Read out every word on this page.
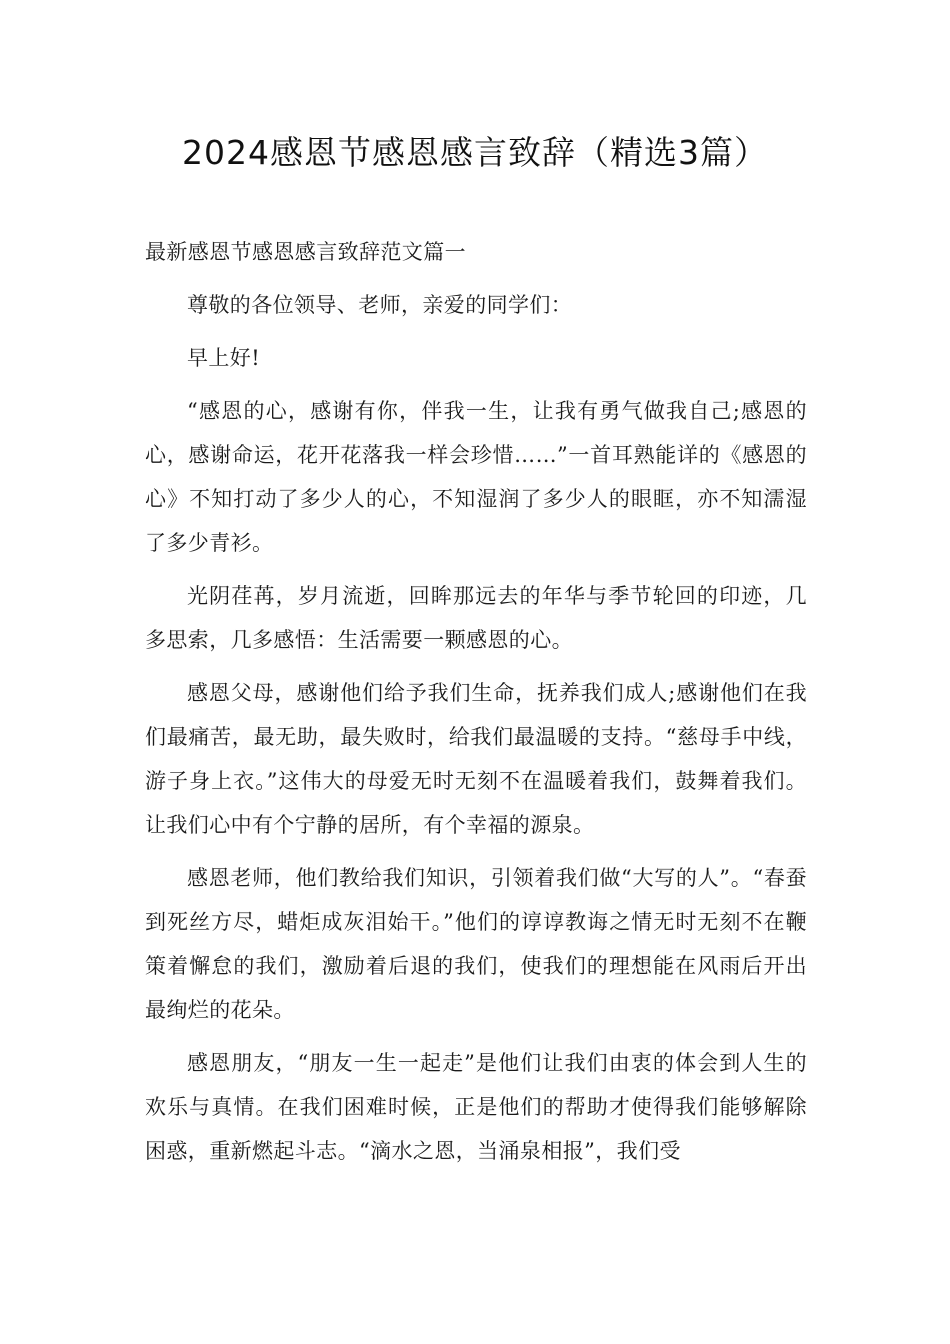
2024感恩节感恩感言致辞（精选3篇）

最新感恩节感恩感言致辞范文篇一

尊敬的各位领导、老师，亲爱的同学们：

早上好!

“感恩的心，感谢有你，伴我一生，让我有勇气做我自己;感恩的心，感谢命运，花开花落我一样会珍惜……”一首耳熟能详的《感恩的心》不知打动了多少人的心，不知湿润了多少人的眼眶，亦不知濡湿了多少青衫。

光阴荏苒，岁月流逝，回眸那远去的年华与季节轮回的印迹，几多思索，几多感悟：生活需要一颗感恩的心。

感恩父母，感谢他们给予我们生命，抚养我们成人;感谢他们在我们最痛苦，最无助，最失败时，给我们最温暖的支持。“慈母手中线，游子身上衣。”这伟大的母爱无时无刻不在温暖着我们，鼓舞着我们。让我们心中有个宁静的居所，有个幸福的源泉。

感恩老师，他们教给我们知识，引领着我们做“大写的人”。“春蚕到死丝方尽，蜡炬成灰泪始干。”他们的谆谆教诲之情无时无刻不在鞭策着懈怠的我们，激励着后退的我们，使我们的理想能在风雨后开出最绚烂的花朵。

感恩朋友，“朋友一生一起走”是他们让我们由衷的体会到人生的欢乐与真情。在我们困难时候，正是他们的帮助才使得我们能够解除困惑，重新燃起斗志。“滴水之恩，当涌泉相报”，我们受
